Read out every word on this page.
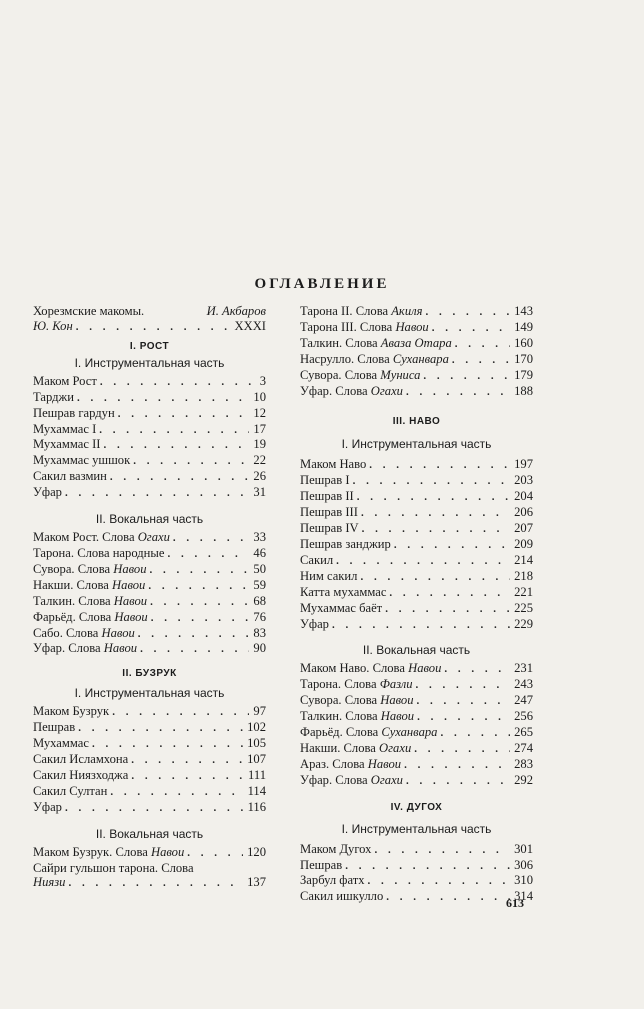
ОГЛАВЛЕНИЕ
Хорезмские макомы.	И. Акбаров
Ю. Кон . . .	XXXI
I. РОСТ
I. Инструментальная часть
Маком Рост . . .	3
Тарджи . . .	10
Пешрав гардун . . .	12
Мухаммас I . . .	17
Мухаммас II . . .	19
Мухаммас ушшок . . .	22
Сакил вазмин . . .	26
Уфар . . .	31
II. Вокальная часть
Маком Рост. Слова Огахи . . .	33
Тарона. Слова народные . . .	46
Сувора. Слова Навои . . .	50
Накши. Слова Навои . . .	59
Талкин. Слова Навои . . .	68
Фарьёд. Слова Навои . . .	76
Сабо. Слова Навои . . .	83
Уфар. Слова Навои . . .	90
II. БУЗРУК
I. Инструментальная часть
Маком Бузрук . . .	97
Пешрав . . .	102
Мухаммас . . .	105
Сакил Исламхона . . .	107
Сакил Ниязходжа . . .	111
Сакил Султан . . .	114
Уфар . . .	116
II. Вокальная часть
Маком Бузрук. Слова Навои . . .	120
Сайри гульшон тарона. Слова
Ниязи . . .	137
Тарона II. Слова Акиля . . .	143
Тарона III. Слова Навои . . .	149
Талкин. Слова Аваза Отара . . .	160
Насрулло. Слова Суханвара . . .	170
Сувора. Слова Муниса . . .	179
Уфар. Слова Огахи . . .	188
III. НАВО
I. Инструментальная часть
Маком Наво . . .	197
Пешрав I . . .	203
Пешрав II . . .	204
Пешрав III . . .	206
Пешрав IV . . .	207
Пешрав занджир . . .	209
Сакил . . .	214
Ним сакил . . .	218
Катта мухаммас . . .	221
Мухаммас баёт . . .	225
Уфар . . .	229
II. Вокальная часть
Маком Наво. Слова Навои . . .	231
Тарона. Слова Фазли . . .	243
Сувора. Слова Навои . . .	247
Талкин. Слова Навои . . .	256
Фарьёд. Слова Суханвара . . .	265
Накши. Слова Огахи . . .	274
Араз. Слова Навои . . .	283
Уфар. Слова Огахи . . .	292
IV. ДУГОХ
I. Инструментальная часть
Маком Дугох . . .	301
Пешрав . . .	306
Зарбул фатх . . .	310
Сакил ишкулло . . .	314
613
